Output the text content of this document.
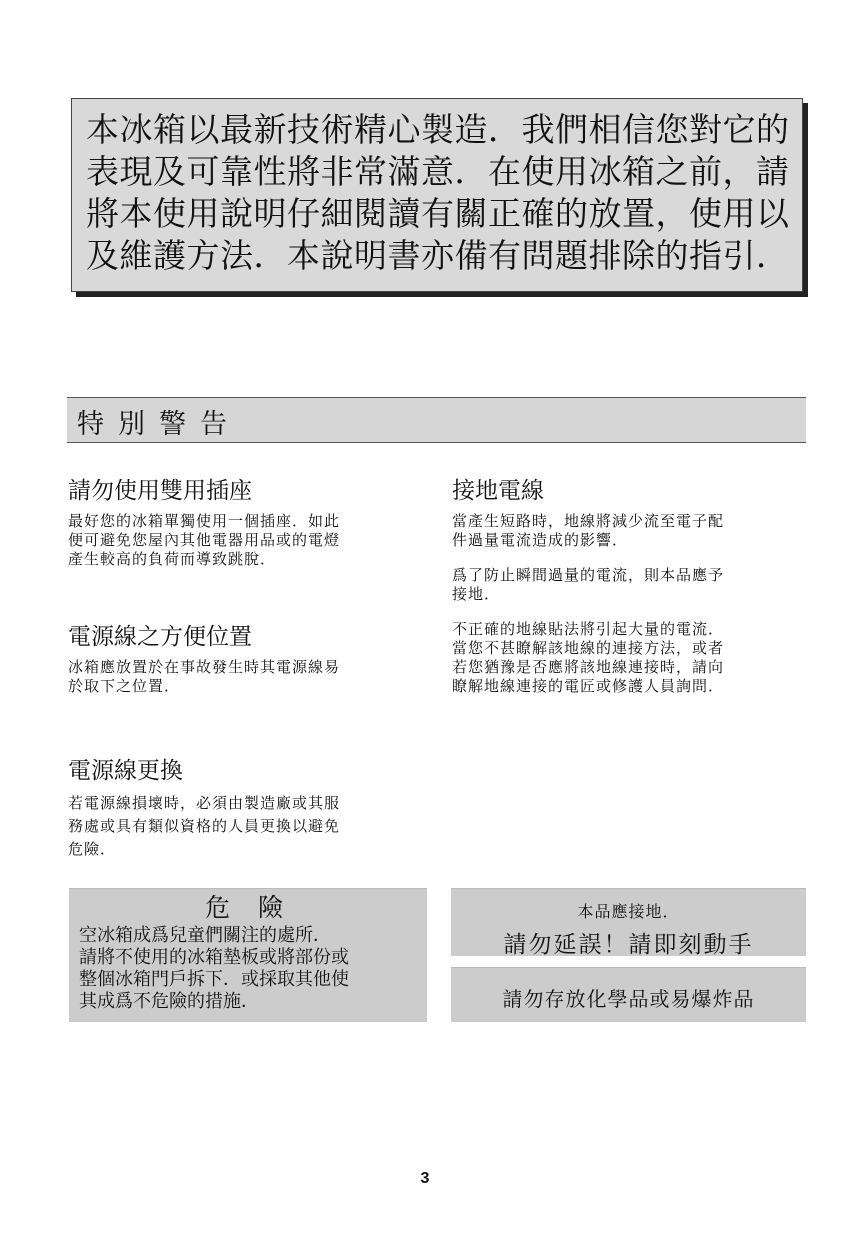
本冰箱以最新技術精心製造．我們相信您對它的
表現及可靠性將非常滿意．在使用冰箱之前，請
將本使用說明仔細閱讀有關正確的放置，使用以
及維護方法．本說明書亦備有問題排除的指引．
特別警告
請勿使用雙用插座
最好您的冰箱單獨使用一個插座．如此
便可避免您屋內其他電器用品或的電燈
產生較高的負荷而導致跳脫．
電源線之方便位置
冰箱應放置於在事故發生時其電源線易
於取下之位置．
電源線更換
若電源線損壞時，必須由製造廠或其服
務處或具有類似資格的人員更換以避免
危險．
接地電線
當產生短路時，地線將減少流至電子配
件過量電流造成的影響．
爲了防止瞬間過量的電流，則本品應予
接地．
不正確的地線貼法將引起大量的電流．
當您不甚瞭解該地線的連接方法，或者
若您猶豫是否應將該地線連接時，請向
瞭解地線連接的電匠或修護人員詢問．
危險
空冰箱成爲兒童們關注的處所．
請將不使用的冰箱墊板或將部份或
整個冰箱門戶拆下．或採取其他使
其成爲不危險的措施．
本品應接地．
請勿延誤！請即刻動手
請勿存放化學品或易爆炸品
3
